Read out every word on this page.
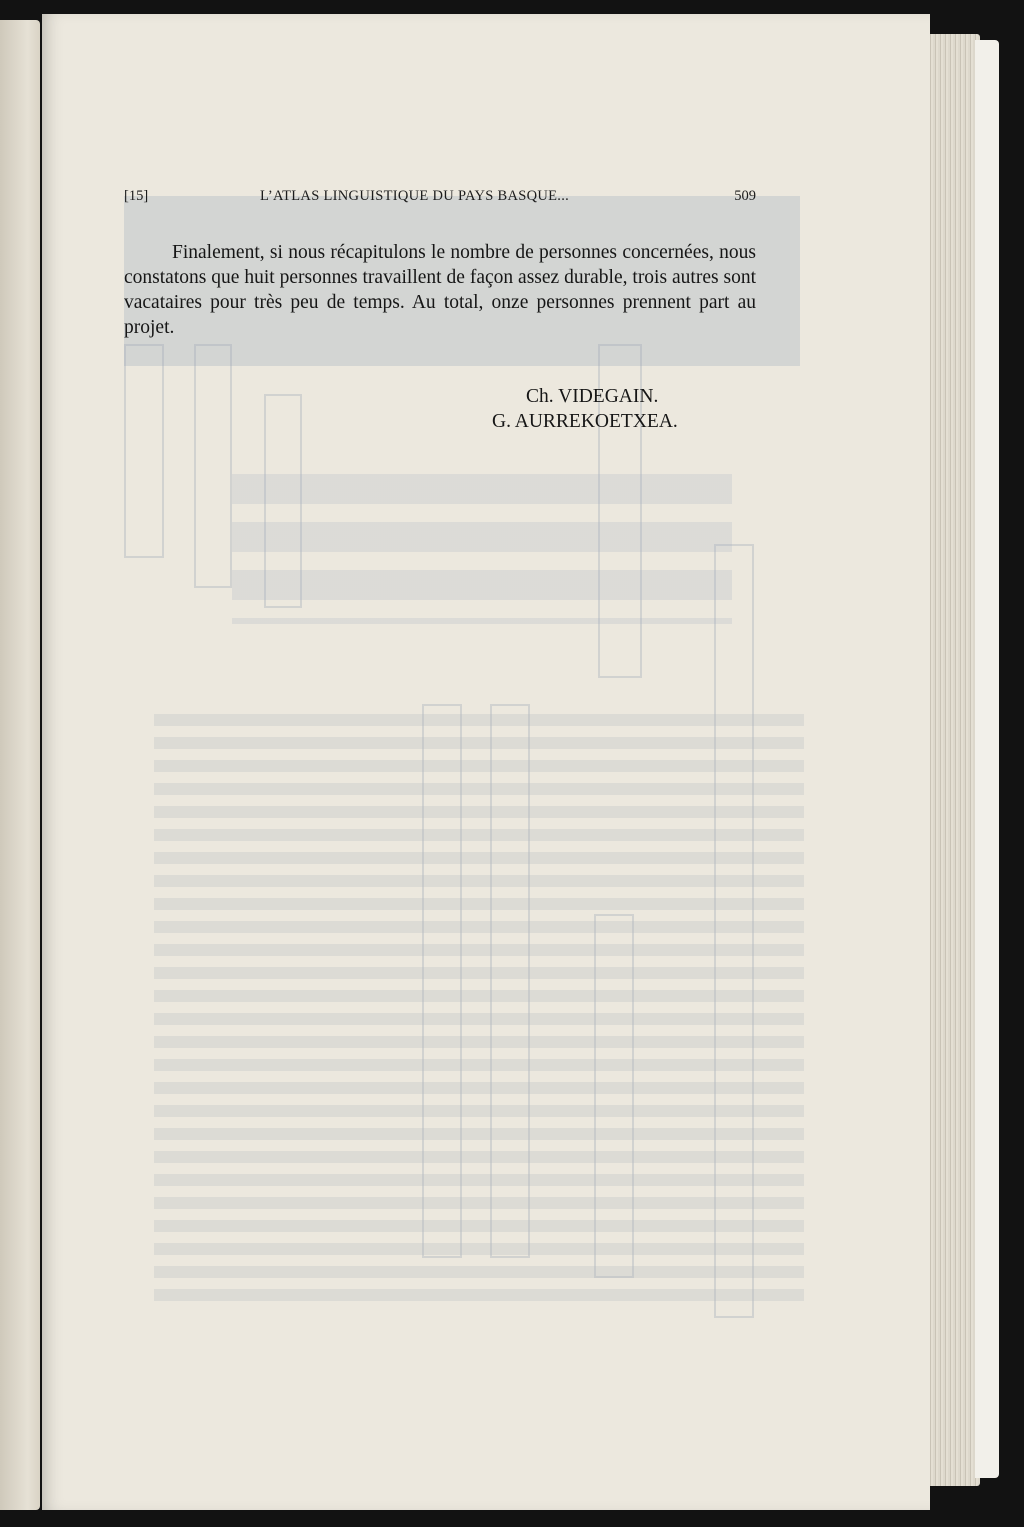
[15]	L’ATLAS LINGUISTIQUE DU PAYS BASQUE...	509

Finalement, si nous récapitulons le nombre de personnes concernées, nous constatons que huit personnes travaillent de façon assez durable, trois autres sont vacataires pour très peu de temps. Au total, onze personnes prennent part au projet.

Ch. VIDEGAIN.
G. AURREKOETXEA.
